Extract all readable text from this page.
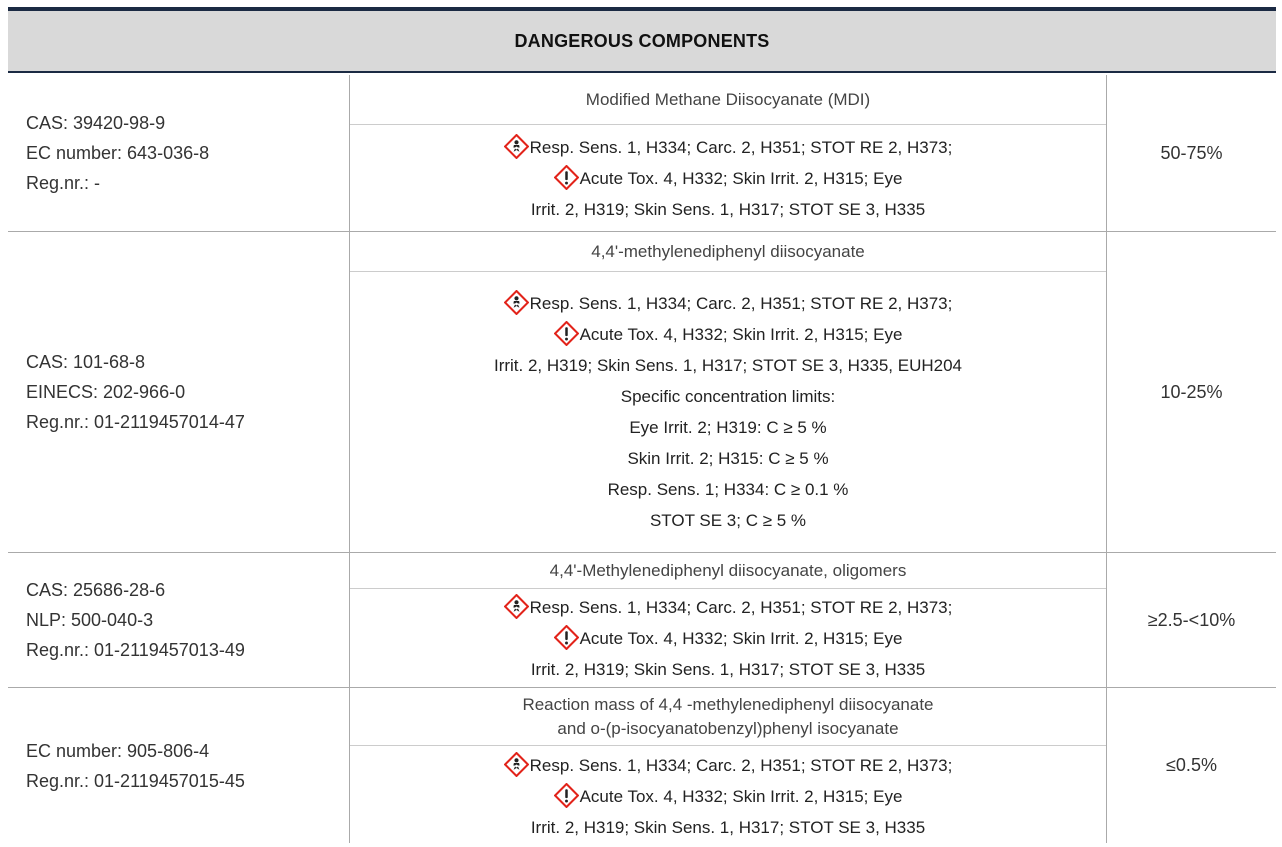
DANGEROUS COMPONENTS
CAS: 39420-98-9
EC number: 643-036-8
Reg.nr.: -
Modified Methane Diisocyanate (MDI)
Resp. Sens. 1, H334; Carc. 2, H351; STOT RE 2, H373;
Acute Tox. 4, H332; Skin Irrit. 2, H315; Eye
Irrit. 2, H319; Skin Sens. 1, H317; STOT SE 3, H335
50-75%
CAS: 101-68-8
EINECS: 202-966-0
Reg.nr.: 01-2119457014-47
4,4'-methylenediphenyl diisocyanate
Resp. Sens. 1, H334; Carc. 2, H351; STOT RE 2, H373;
Acute Tox. 4, H332; Skin Irrit. 2, H315; Eye
Irrit. 2, H319; Skin Sens. 1, H317; STOT SE 3, H335, EUH204
Specific concentration limits:
Eye Irrit. 2; H319: C ≥ 5 %
Skin Irrit. 2; H315: C ≥ 5 %
Resp. Sens. 1; H334: C ≥ 0.1 %
STOT SE 3; C ≥ 5 %
10-25%
CAS: 25686-28-6
NLP: 500-040-3
Reg.nr.: 01-2119457013-49
4,4'-Methylenediphenyl diisocyanate, oligomers
Resp. Sens. 1, H334; Carc. 2, H351; STOT RE 2, H373;
Acute Tox. 4, H332; Skin Irrit. 2, H315; Eye
Irrit. 2, H319; Skin Sens. 1, H317; STOT SE 3, H335
≥2.5-<10%
EC number: 905-806-4
Reg.nr.: 01-2119457015-45
Reaction mass of 4,4 -methylenediphenyl diisocyanate
and o-(p-isocyanatobenzyl)phenyl isocyanate
Resp. Sens. 1, H334; Carc. 2, H351; STOT RE 2, H373;
Acute Tox. 4, H332; Skin Irrit. 2, H315; Eye
Irrit. 2, H319; Skin Sens. 1, H317; STOT SE 3, H335
≤0.5%
